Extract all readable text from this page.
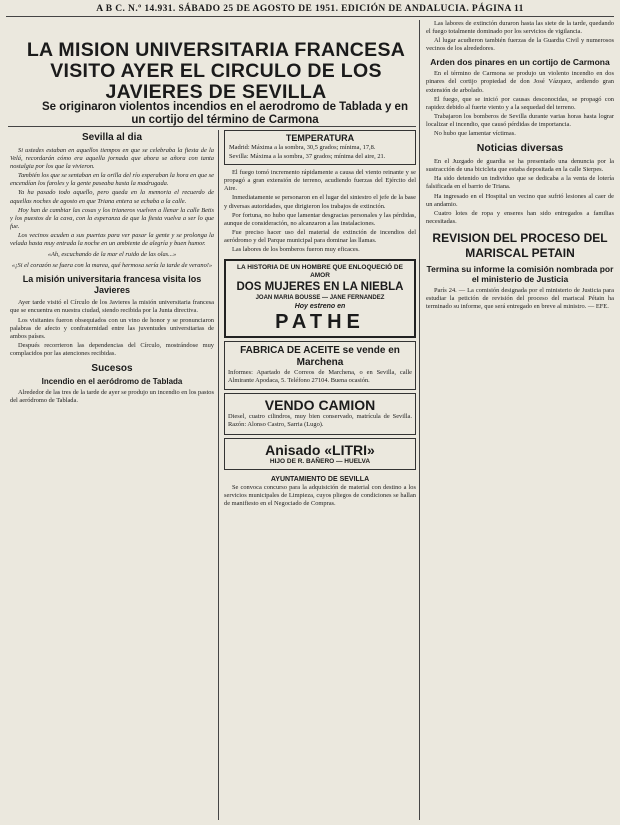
A B C. N.º 14.931. SÁBADO 25 DE AGOSTO DE 1951. EDICIÓN DE ANDALUCIA. PÁGINA 11
LA MISION UNIVERSITARIA FRANCESA VISITO AYER EL CIRCULO DE LOS JAVIERES DE SEVILLA
Se originaron violentos incendios en el aerodromo de Tablada y en un cortijo del término de Carmona
Sevilla al dia

Si ustedes estaban en aquellos tiempos en que se celebraba la fiesta de la Velá, recordarán cómo era aquella jornada que ahora se añora con tanta nostalgia por los que la vivieron.

También los que se sentaban en la orilla del río esperaban la hora en que se encendían los faroles y la gente paseaba hasta la madrugada.

Ya ha pasado todo aquello, pero queda en la memoria el recuerdo de aquellas noches de agosto en que Triana entera se echaba a la calle.

Hoy han de cambiar las cosas y los trianeros vuelven a llenar la calle Betis y los puestos de la cava, con la esperanza de que la fiesta vuelva a ser lo que fue.

Los vecinos acuden a sus puertas para ver pasar la gente y se prolonga la velada hasta muy entrada la noche en un ambiente de alegría y buen humor.

«Ah, escuchando de la mar el ruido de las olas...»

«¡Si el corazón se fuera con la marea, qué hermosa sería la tarde de verano!»

La misión universitaria francesa visita los Javieres

Ayer tarde visitó el Círculo de los Javieres la misión universitaria francesa que se encuentra en nuestra ciudad, siendo recibida por la Junta directiva.

Los visitantes fueron obsequiados con un vino de honor y se pronunciaron palabras de afecto y confraternidad entre las juventudes universitarias de ambos países.

Después recorrieron las dependencias del Círculo, mostrándose muy complacidos por las atenciones recibidas.

Sucesos
Incendio en el aeródromo de Tablada

Alrededor de las tres de la tarde de ayer se produjo un incendio en los pastos del aeródromo de Tablada.

TEMPERATURA

Madrid: Máxima a la sombra, 30,5 grados; mínima, 17,8.

Sevilla: Máxima a la sombra, 37 grados; mínima del aire, 21.

El fuego tomó incremento rápidamente a causa del viento reinante y se propagó a gran extensión de terreno, acudiendo fuerzas del Ejército del Aire.

Inmediatamente se personaron en el lugar del siniestro el jefe de la base y diversas autoridades, que dirigieron los trabajos de extinción.

Por fortuna, no hubo que lamentar desgracias personales y las pérdidas, aunque de consideración, no alcanzaron a las instalaciones.

Fue preciso hacer uso del material de extinción de incendios del aeródromo y del Parque municipal para dominar las llamas.

Las labores de los bomberos fueron muy eficaces.

LA HISTORIA DE UN HOMBRE QUE ENLOQUECIÓ DE AMOR
DOS MUJERES EN LA NIEBLA
JOAN MARIA BOUSSE — JANE FERNANDEZ
Hoy estreno en
PATHE
FABRICA DE ACEITE se vende en Marchena

Informes: Apartado de Correos de Marchena, o en Sevilla, calle Almirante Apodaca, 5. Teléfono 27104. Buena ocasión.

VENDO CAMION

Diesel, cuatro cilindros, muy bien conservado, matrícula de Sevilla. Razón: Alonso Castro, Sarria (Lugo).

Anisado «LITRI»
HIJO DE R. BAÑERO — HUELVA
AYUNTAMIENTO DE SEVILLA

Se convoca concurso para la adquisición de material con destino a los servicios municipales de Limpieza, cuyos pliegos de condiciones se hallan de manifiesto en el Negociado de Compras.

Las labores de extinción duraron hasta las siete de la tarde, quedando el fuego totalmente dominado por los servicios de vigilancia.

Al lugar acudieron también fuerzas de la Guardia Civil y numerosos vecinos de los alrededores.

Arden dos pinares en un cortijo de Carmona

En el término de Carmona se produjo un violento incendio en dos pinares del cortijo propiedad de don José Vázquez, ardiendo gran extensión de arbolado.

El fuego, que se inició por causas desconocidas, se propagó con rapidez debido al fuerte viento y a la sequedad del terreno.

Trabajaron los bomberos de Sevilla durante varias horas hasta lograr localizar el incendio, que causó pérdidas de importancia.

No hubo que lamentar víctimas.

Noticias diversas

En el Juzgado de guardia se ha presentado una denuncia por la sustracción de una bicicleta que estaba depositada en la calle Sierpes.

Ha sido detenido un individuo que se dedicaba a la venta de lotería falsificada en el barrio de Triana.

Ha ingresado en el Hospital un vecino que sufrió lesiones al caer de un andamio.

Cuatro lotes de ropa y enseres han sido entregados a familias necesitadas.

REVISION DEL PROCESO DEL MARISCAL PETAIN
Termina su informe la comisión nombrada por el ministerio de Justicia

París 24. — La comisión designada por el ministerio de Justicia para estudiar la petición de revisión del proceso del mariscal Pétain ha terminado su informe, que será entregado en breve al ministro. — EFE.
